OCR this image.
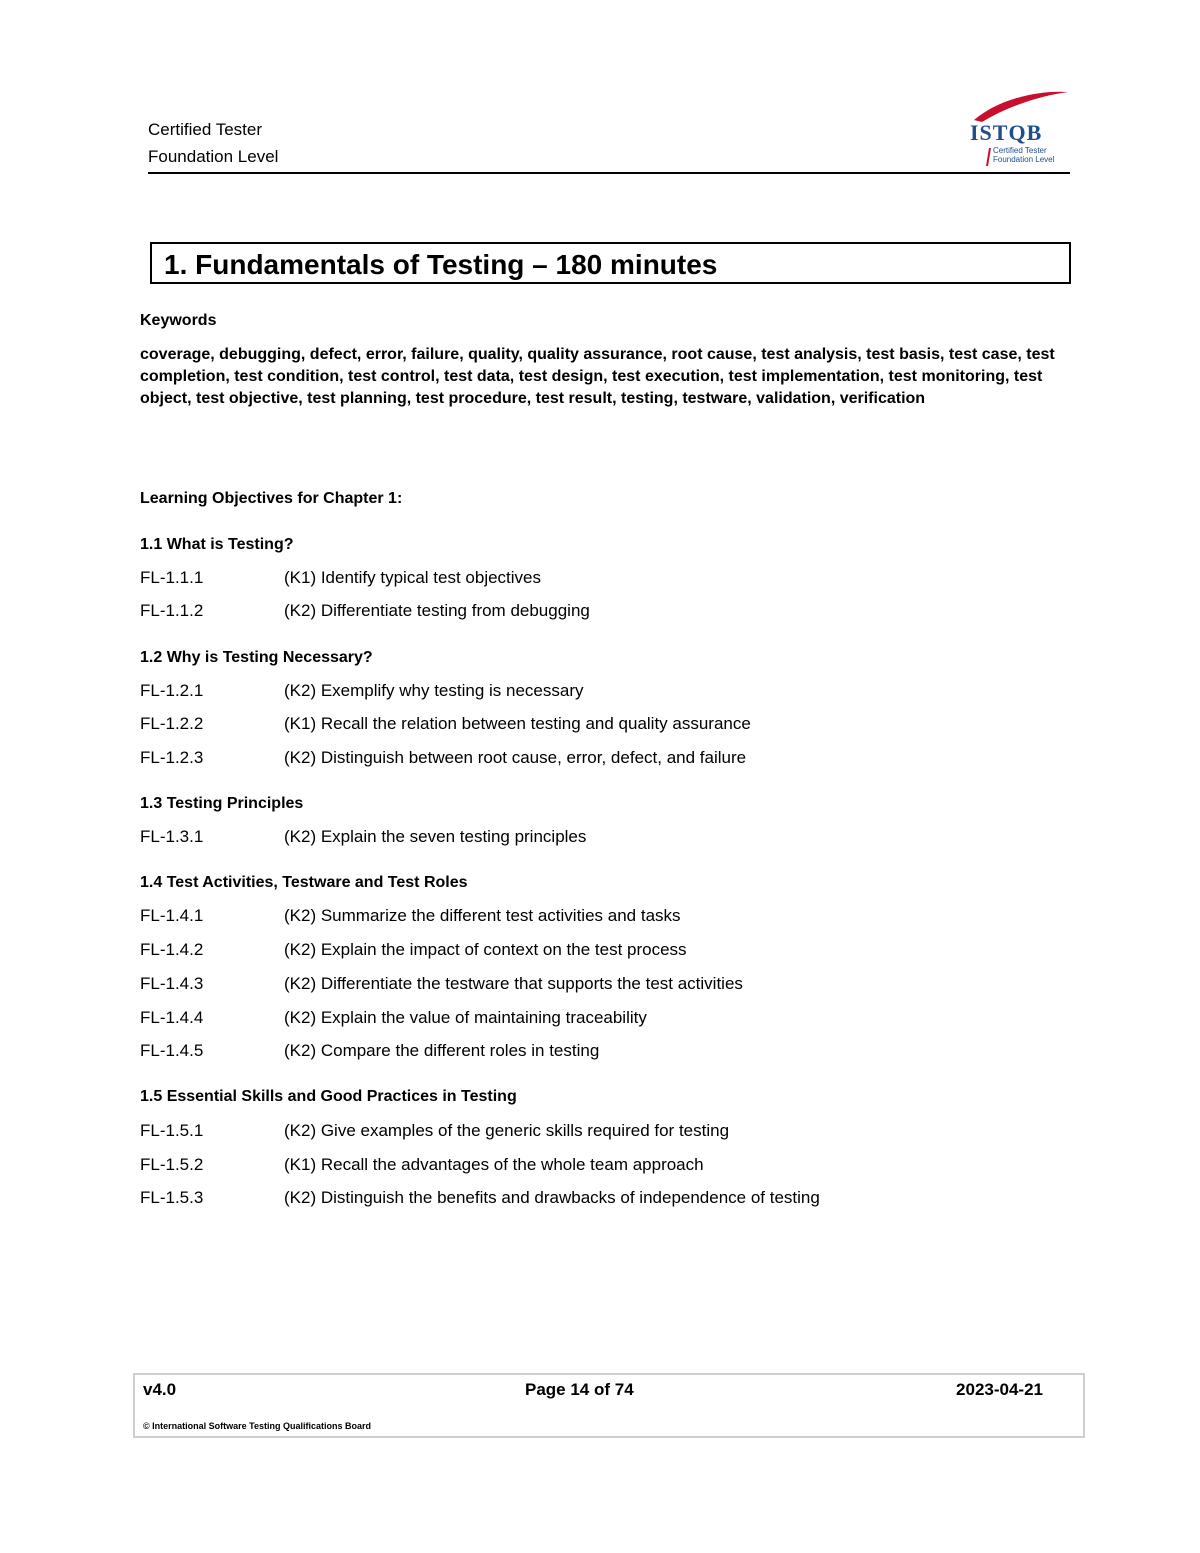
Certified Tester
Foundation Level
ISTQB
Certified Tester
Foundation Level
1. Fundamentals of Testing – 180 minutes
Keywords
coverage, debugging, defect, error, failure, quality, quality assurance, root cause, test analysis, test basis, test case, test completion, test condition, test control, test data, test design, test execution, test implementation, test monitoring, test object, test objective, test planning, test procedure, test result, testing, testware, validation, verification
Learning Objectives for Chapter 1:
1.1 What is Testing?
FL-1.1.1	(K1) Identify typical test objectives
FL-1.1.2	(K2) Differentiate testing from debugging
1.2 Why is Testing Necessary?
FL-1.2.1	(K2) Exemplify why testing is necessary
FL-1.2.2	(K1) Recall the relation between testing and quality assurance
FL-1.2.3	(K2) Distinguish between root cause, error, defect, and failure
1.3 Testing Principles
FL-1.3.1	(K2) Explain the seven testing principles
1.4 Test Activities, Testware and Test Roles
FL-1.4.1	(K2) Summarize the different test activities and tasks
FL-1.4.2	(K2) Explain the impact of context on the test process
FL-1.4.3	(K2) Differentiate the testware that supports the test activities
FL-1.4.4	(K2) Explain the value of maintaining traceability
FL-1.4.5	(K2) Compare the different roles in testing
1.5 Essential Skills and Good Practices in Testing
FL-1.5.1	(K2) Give examples of the generic skills required for testing
FL-1.5.2	(K1) Recall the advantages of the whole team approach
FL-1.5.3	(K2) Distinguish the benefits and drawbacks of independence of testing
v4.0	Page 14 of 74	2023-04-21
© International Software Testing Qualifications Board
